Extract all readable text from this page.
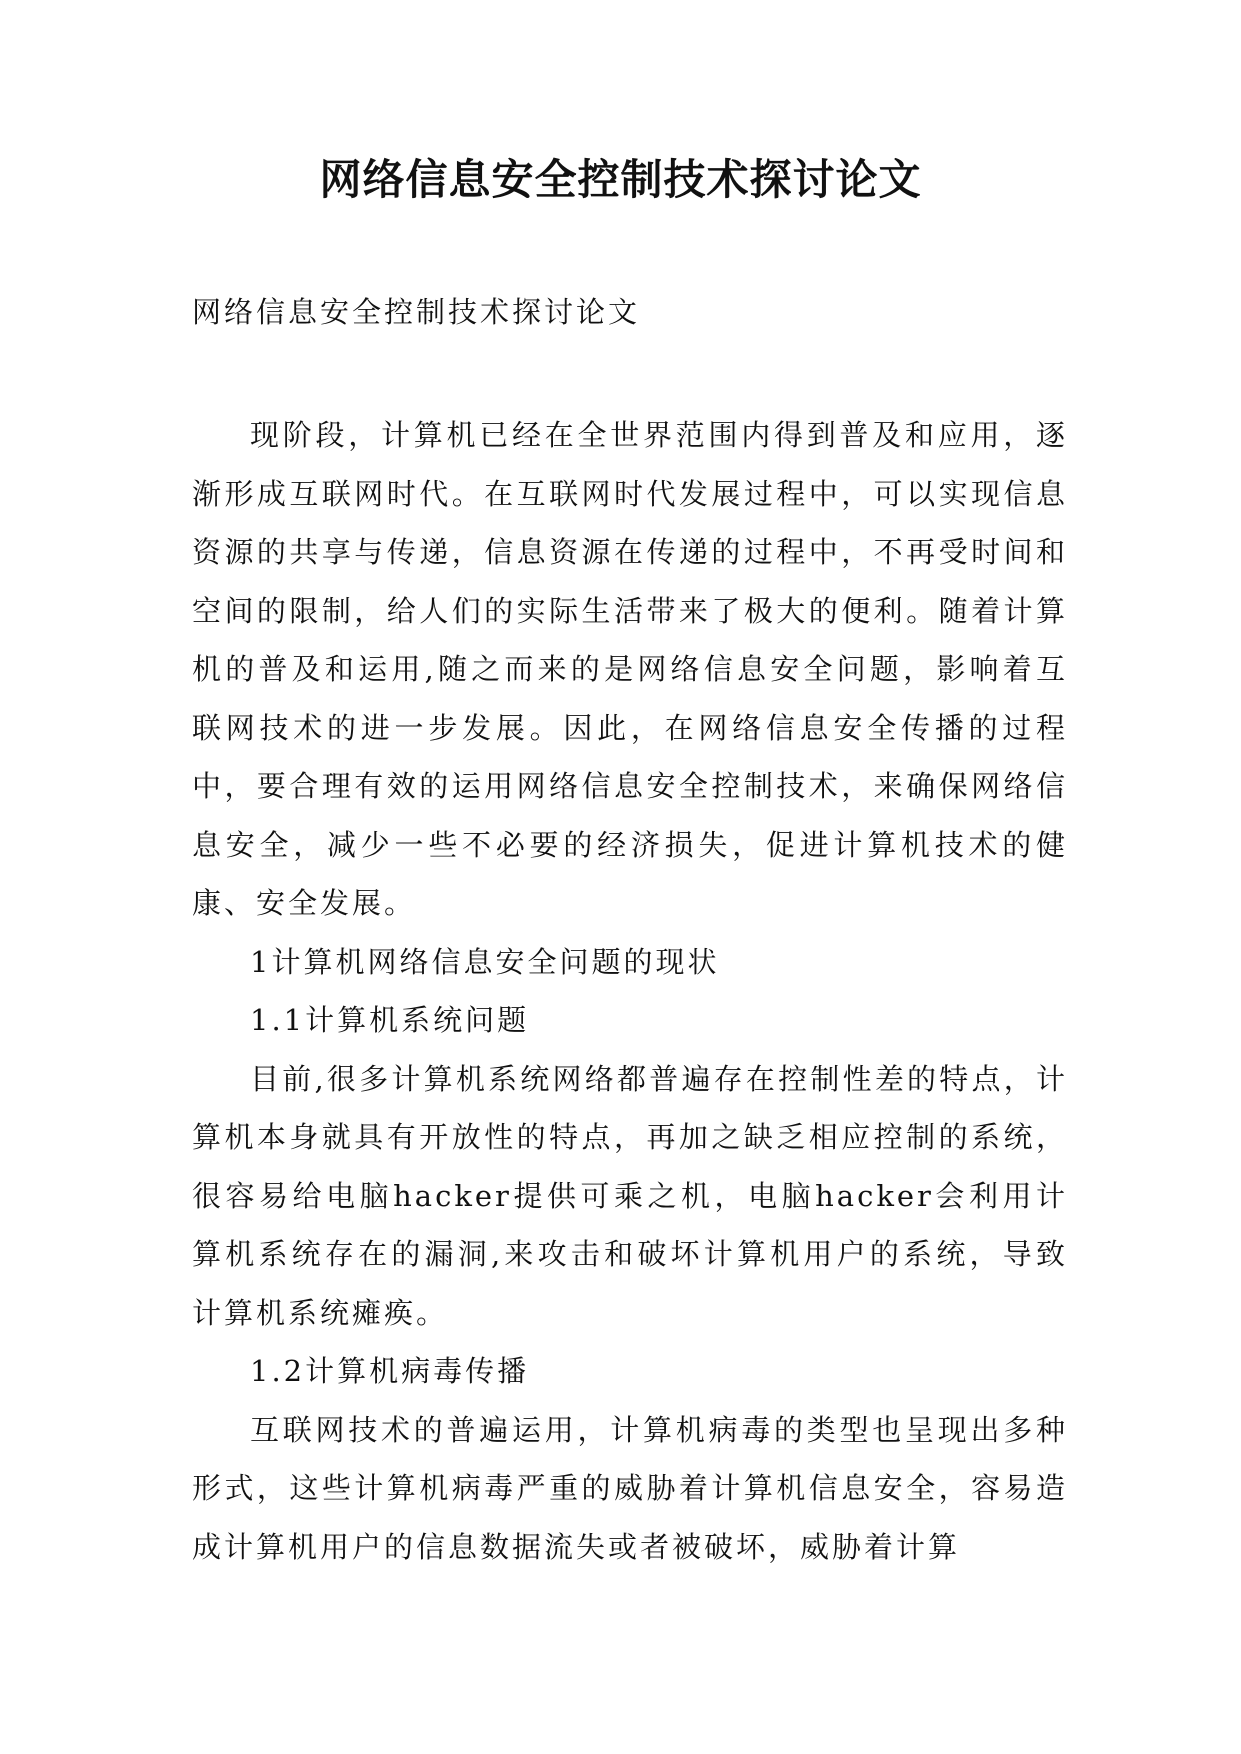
网络信息安全控制技术探讨论文

网络信息安全控制技术探讨论文

现阶段，计算机已经在全世界范围内得到普及和应用，逐渐形成互联网时代。在互联网时代发展过程中，可以实现信息资源的共享与传递，信息资源在传递的过程中，不再受时间和空间的限制，给人们的实际生活带来了极大的便利。随着计算机的普及和运用,随之而来的是网络信息安全问题，影响着互联网技术的进一步发展。因此，在网络信息安全传播的过程中，要合理有效的运用网络信息安全控制技术，来确保网络信息安全，减少一些不必要的经济损失，促进计算机技术的健康、安全发展。

1计算机网络信息安全问题的现状

1.1计算机系统问题

目前,很多计算机系统网络都普遍存在控制性差的特点，计算机本身就具有开放性的特点，再加之缺乏相应控制的系统，很容易给电脑hacker提供可乘之机，电脑hacker会利用计算机系统存在的漏洞,来攻击和破坏计算机用户的系统，导致计算机系统瘫痪。

1.2计算机病毒传播

互联网技术的普遍运用，计算机病毒的类型也呈现出多种形式，这些计算机病毒严重的威胁着计算机信息安全，容易造成计算机用户的信息数据流失或者被破坏，威胁着计算
